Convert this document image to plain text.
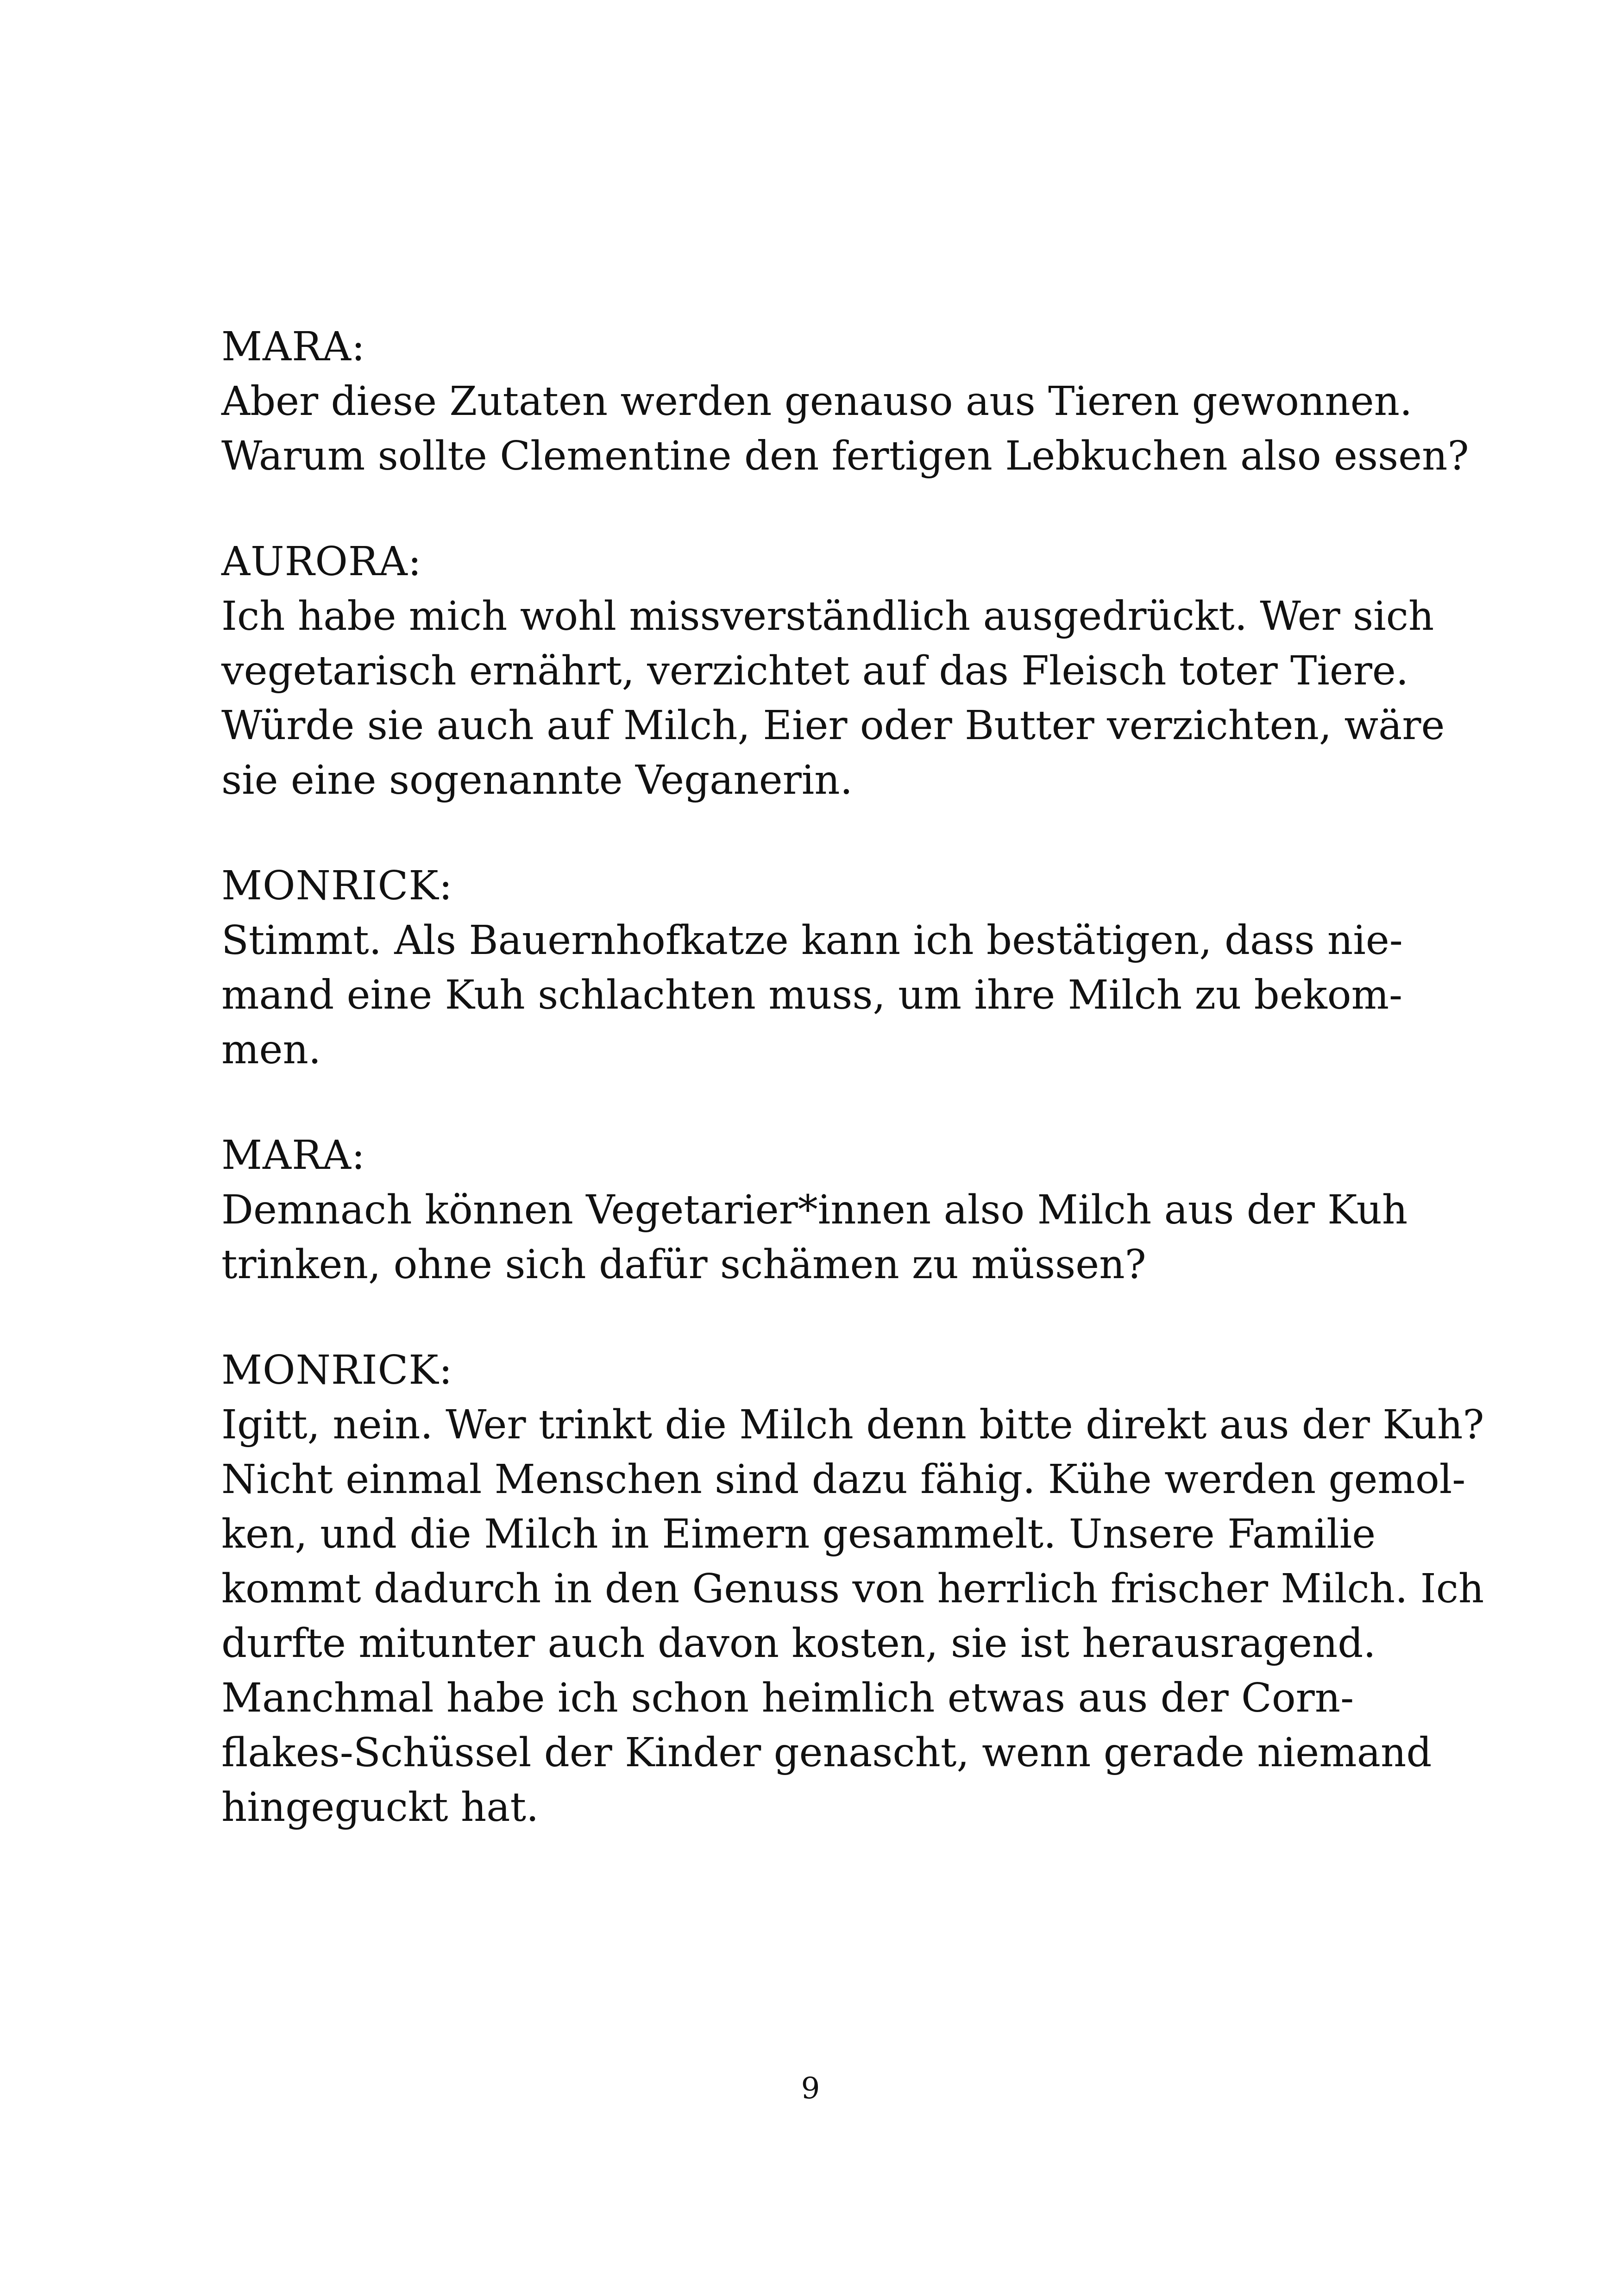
MARA:
Aber diese Zutaten werden genauso aus Tieren gewonnen.
Warum sollte Clementine den fertigen Lebkuchen also essen?
AURORA:
Ich habe mich wohl missverständlich ausgedrückt. Wer sich
vegetarisch ernährt, verzichtet auf das Fleisch toter Tiere.
Würde sie auch auf Milch, Eier oder Butter verzichten, wäre
sie eine sogenannte Veganerin.
MONRICK:
Stimmt. Als Bauernhofkatze kann ich bestätigen, dass nie-
mand eine Kuh schlachten muss, um ihre Milch zu bekom-
men.
MARA:
Demnach können Vegetarier*innen also Milch aus der Kuh
trinken, ohne sich dafür schämen zu müssen?
MONRICK:
Igitt, nein. Wer trinkt die Milch denn bitte direkt aus der Kuh?
Nicht einmal Menschen sind dazu fähig. Kühe werden gemol-
ken, und die Milch in Eimern gesammelt. Unsere Familie
kommt dadurch in den Genuss von herrlich frischer Milch. Ich
durfte mitunter auch davon kosten, sie ist herausragend.
Manchmal habe ich schon heimlich etwas aus der Corn-
flakes-Schüssel der Kinder genascht, wenn gerade niemand
hingeguckt hat.
9
